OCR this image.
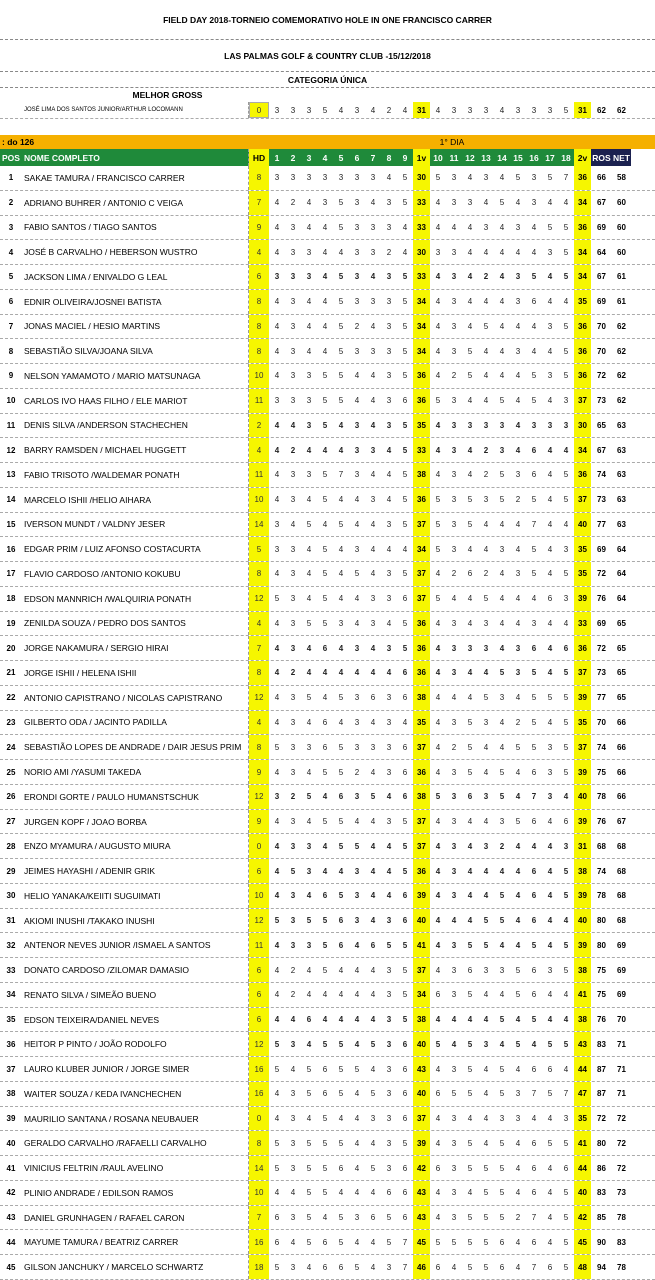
FIELD DAY 2018-TORNEIO COMEMORATIVO HOLE IN ONE FRANCISCO CARRER
LAS PALMAS GOLF & COUNTRY CLUB -15/12/2018
CATEGORIA ÚNICA
MELHOR GROSS
JOSÉ LIMA DOS SANTOS JUNIOR/ARTHUR LOCOMANN	0	3	3	3	5	4	3	4	2	4	31	4	3	3	3	4	3	3	3	5	31	62	62
: do 126	1° DIA
POS NOME COMPLETO	HD	1	2	3	4	5	6	7	8	9	1v 10 11 12 13 14 15 16 17 18 2v ROS NET
1	SAKAE TAMURA / FRANCISCO CARRER	8	3	3	3	3	3	3	3	4	5	30	5	3	4	3	4	5	3	5	7	36	66	58
2	ADRIANO BUHRER / ANTONIO C VEIGA	7	4	2	4	3	5	3	4	3	5	33	4	3	3	4	5	4	3	4	4	34	67	60
3	FABIO SANTOS / TIAGO SANTOS	9	4	3	4	4	5	3	3	3	4	33	4	4	4	3	4	3	4	5	5	36	69	60
4	JOSÉ B CARVALHO / HEBERSON WUSTRO	4	4	3	3	4	4	3	3	2	4	30	3	3	4	4	4	4	4	3	5	34	64	60
5	JACKSON LIMA / ENIVALDO G LEAL	6	3	3	3	4	5	3	4	3	5	33	4	3	4	2	4	3	5	4	5	34	67	61
6	EDNIR OLIVEIRA/JOSNEI BATISTA	8	4	3	4	4	5	3	3	3	5	34	4	3	4	4	4	3	6	4	4	35	69	61
7	JONAS MACIEL / HESIO MARTINS	8	4	3	4	4	5	2	4	3	5	34	4	3	4	5	4	4	4	3	5	36	70	62
8	SEBASTIÃO SILVA/JOANA SILVA	8	4	3	4	4	5	3	3	3	5	34	4	3	5	4	4	3	4	4	5	36	70	62
9	NELSON YAMAMOTO / MARIO MATSUNAGA	10	4	3	3	5	5	4	4	3	5	36	4	2	5	4	4	4	5	3	5	36	72	62
10	CARLOS IVO HAAS FILHO / ELE MARIOT	11	3	3	3	5	5	4	4	3	6	36	5	3	4	4	5	4	5	4	3	37	73	62
11	DENIS SILVA /ANDERSON STACHECHEN	2	4	4	3	5	4	3	4	3	5	35	4	3	3	3	3	4	3	3	3	30	65	63
12	BARRY RAMSDEN / MICHAEL HUGGETT	4	4	2	4	4	4	3	3	4	5	33	4	3	4	2	3	4	6	4	4	34	67	63
13	FABIO TRISOTO /WALDEMAR PONATH	11	4	3	3	5	7	3	4	4	5	38	4	3	4	2	5	3	6	4	5	36	74	63
14	MARCELO ISHII /HELIO AIHARA	10	4	3	4	5	4	4	3	4	5	36	5	3	5	3	5	2	5	4	5	37	73	63
15	IVERSON MUNDT / VALDNY JESER	14	3	4	5	4	5	4	4	3	5	37	5	3	5	4	4	4	7	4	4	40	77	63
16	EDGAR PRIM / LUIZ AFONSO COSTACURTA	5	3	3	4	5	4	3	4	4	4	34	5	3	4	4	3	4	5	4	3	35	69	64
17	FLAVIO CARDOSO /ANTONIO KOKUBU	8	4	3	4	5	4	5	4	3	5	37	4	2	6	2	4	3	5	4	5	35	72	64
18	EDSON MANNRICH /WALQUIRIA PONATH	12	5	3	4	5	4	4	3	3	6	37	5	4	4	5	4	4	4	6	3	39	76	64
19	ZENILDA SOUZA / PEDRO DOS SANTOS	4	4	3	5	5	3	4	3	4	5	36	4	3	4	3	4	4	3	4	4	33	69	65
20	JORGE NAKAMURA / SERGIO HIRAI	7	4	3	4	6	4	3	4	3	5	36	4	3	3	3	4	3	6	4	6	36	72	65
21	JORGE ISHII / HELENA ISHII	8	4	2	4	4	4	4	4	4	6	36	4	3	4	4	5	3	5	4	5	37	73	65
22	ANTONIO CAPISTRANO / NICOLAS CAPISTRANO	12	4	3	5	4	5	3	6	3	6	38	4	4	4	5	3	4	5	5	5	39	77	65
23	GILBERTO ODA / JACINTO PADILLA	4	4	3	4	6	4	3	4	3	4	35	4	3	5	3	4	2	5	4	5	35	70	66
24	SEBASTIÃO LOPES DE ANDRADE / DAIR JESUS PRIM	8	5	3	3	6	5	3	3	3	6	37	4	2	5	4	4	5	5	3	5	37	74	66
25	NORIO AMI /YASUMI TAKEDA	9	4	3	4	5	5	2	4	3	6	36	4	3	5	4	5	4	6	3	5	39	75	66
26	ERONDI GORTE / PAULO HUMANSTSCHUK	12	3	2	5	4	6	3	5	4	6	38	5	3	6	3	5	4	7	3	4	40	78	66
27	JURGEN KOPF / JOAO BORBA	9	4	3	4	5	5	4	4	3	5	37	4	3	4	4	3	5	6	4	6	39	76	67
28	ENZO MYAMURA / AUGUSTO MIURA	0	4	3	3	4	5	5	4	4	5	37	4	3	4	3	2	4	4	4	3	31	68	68
29	JEIMES HAYASHI / ADENIR GRIK	6	4	5	3	4	4	3	4	4	5	36	4	3	4	4	4	4	6	4	5	38	74	68
30	HELIO YANAKA/KEIITI SUGUIMATI	10	4	3	4	6	5	3	4	4	6	39	4	3	4	4	5	4	6	4	5	39	78	68
31	AKIOMI INUSHI /TAKAKO INUSHI	12	5	3	5	5	6	3	4	3	6	40	4	4	4	5	5	4	6	4	4	40	80	68
32	ANTENOR NEVES JUNIOR /ISMAEL A SANTOS	11	4	3	3	5	6	4	6	5	5	41	4	3	5	5	4	4	5	4	5	39	80	69
33	DONATO CARDOSO /ZILOMAR DAMASIO	6	4	2	4	5	4	4	4	3	5	37	4	3	6	3	3	5	6	3	5	38	75	69
34	RENATO SILVA / SIMEÃO BUENO	6	4	2	4	4	4	4	4	3	5	34	6	3	5	4	4	5	6	4	4	41	75	69
35	EDSON TEIXEIRA/DANIEL NEVES	6	4	4	6	4	4	4	4	3	5	38	4	4	4	4	5	4	5	4	4	38	76	70
36	HEITOR P PINTO / JOÃO RODOLFO	12	5	3	4	5	5	4	5	3	6	40	5	4	5	3	4	5	4	5	5	43	83	71
37	LAURO KLUBER JUNIOR / JORGE SIMER	16	5	4	5	6	5	5	4	3	6	43	4	3	5	4	5	4	6	6	4	44	87	71
38	WAITER SOUZA / KEDA IVANCHECHEN	16	4	3	5	6	5	4	5	3	6	40	6	5	5	4	5	3	7	5	7	47	87	71
39	MAURILIO SANTANA / ROSANA NEUBAUER	0	4	3	4	5	4	4	3	3	6	37	4	3	4	4	3	3	4	4	3	35	72	72
40	GERALDO CARVALHO /RAFAELLI CARVALHO	8	5	3	5	5	5	4	4	3	5	39	4	3	5	4	5	4	6	5	5	41	80	72
41	VINICIUS FELTRIN /RAUL AVELINO	14	5	3	5	5	6	4	5	3	6	42	6	3	5	5	5	4	6	4	6	44	86	72
42	PLINIO ANDRADE / EDILSON RAMOS	10	4	4	5	5	4	4	4	6	6	43	4	3	4	5	5	4	6	4	5	40	83	73
43	DANIEL GRUNHAGEN / RAFAEL CARON	7	6	3	5	4	5	3	6	5	6	43	4	3	5	5	5	2	7	4	5	42	85	78
44	MAYUME TAMURA / BEATRIZ CARRER	16	6	4	5	6	5	4	4	5	7	45	5	5	5	5	6	4	6	4	5	45	90	83
45	GILSON JANCHUKY / MARCELO SCHWARTZ	18	5	3	4	6	6	5	4	3	7	46	6	4	5	5	6	4	7	6	5	48	94	78
